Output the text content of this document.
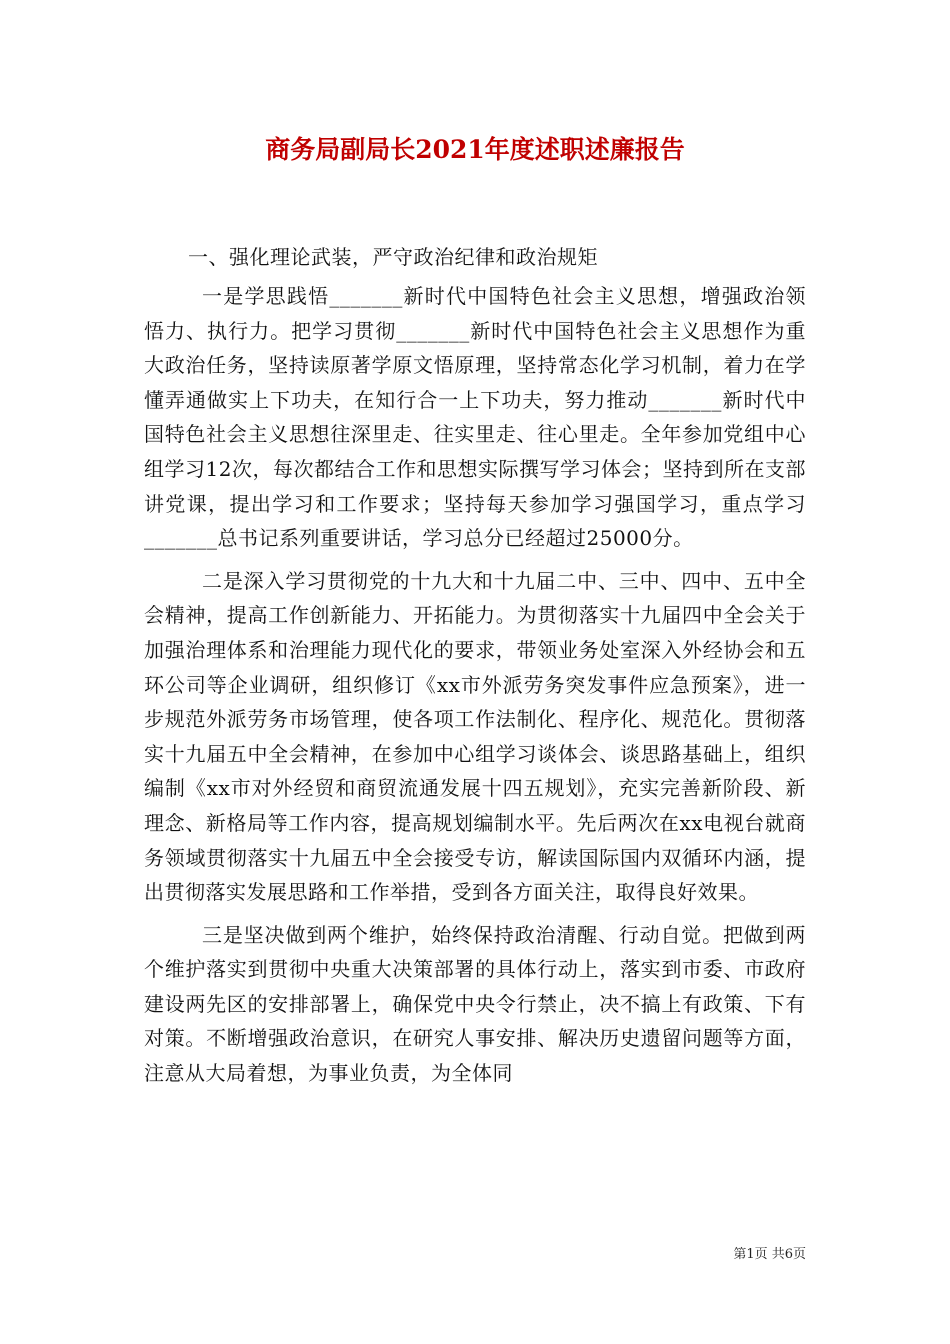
商务局副局长2021年度述职述廉报告

一、强化理论武装，严守政治纪律和政治规矩

一是学思践悟_______新时代中国特色社会主义思想，增强政治领悟力、执行力。把学习贯彻_______新时代中国特色社会主义思想作为重大政治任务，坚持读原著学原文悟原理，坚持常态化学习机制，着力在学懂弄通做实上下功夫，在知行合一上下功夫，努力推动_______新时代中国特色社会主义思想往深里走、往实里走、往心里走。全年参加党组中心组学习12次，每次都结合工作和思想实际撰写学习体会；坚持到所在支部讲党课，提出学习和工作要求；坚持每天参加学习强国学习，重点学习_______总书记系列重要讲话，学习总分已经超过25000分。

二是深入学习贯彻党的十九大和十九届二中、三中、四中、五中全会精神，提高工作创新能力、开拓能力。为贯彻落实十九届四中全会关于加强治理体系和治理能力现代化的要求，带领业务处室深入外经协会和五环公司等企业调研，组织修订《xx市外派劳务突发事件应急预案》，进一步规范外派劳务市场管理，使各项工作法制化、程序化、规范化。贯彻落实十九届五中全会精神，在参加中心组学习谈体会、谈思路基础上，组织编制《xx市对外经贸和商贸流通发展十四五规划》，充实完善新阶段、新理念、新格局等工作内容，提高规划编制水平。先后两次在xx电视台就商务领域贯彻落实十九届五中全会接受专访，解读国际国内双循环内涵，提出贯彻落实发展思路和工作举措，受到各方面关注，取得良好效果。

三是坚决做到两个维护，始终保持政治清醒、行动自觉。把做到两个维护落实到贯彻中央重大决策部署的具体行动上，落实到市委、市政府建设两先区的安排部署上，确保党中央令行禁止，决不搞上有政策、下有对策。不断增强政治意识，在研究人事安排、解决历史遗留问题等方面，注意从大局着想，为事业负责，为全体同

第1页 共6页
